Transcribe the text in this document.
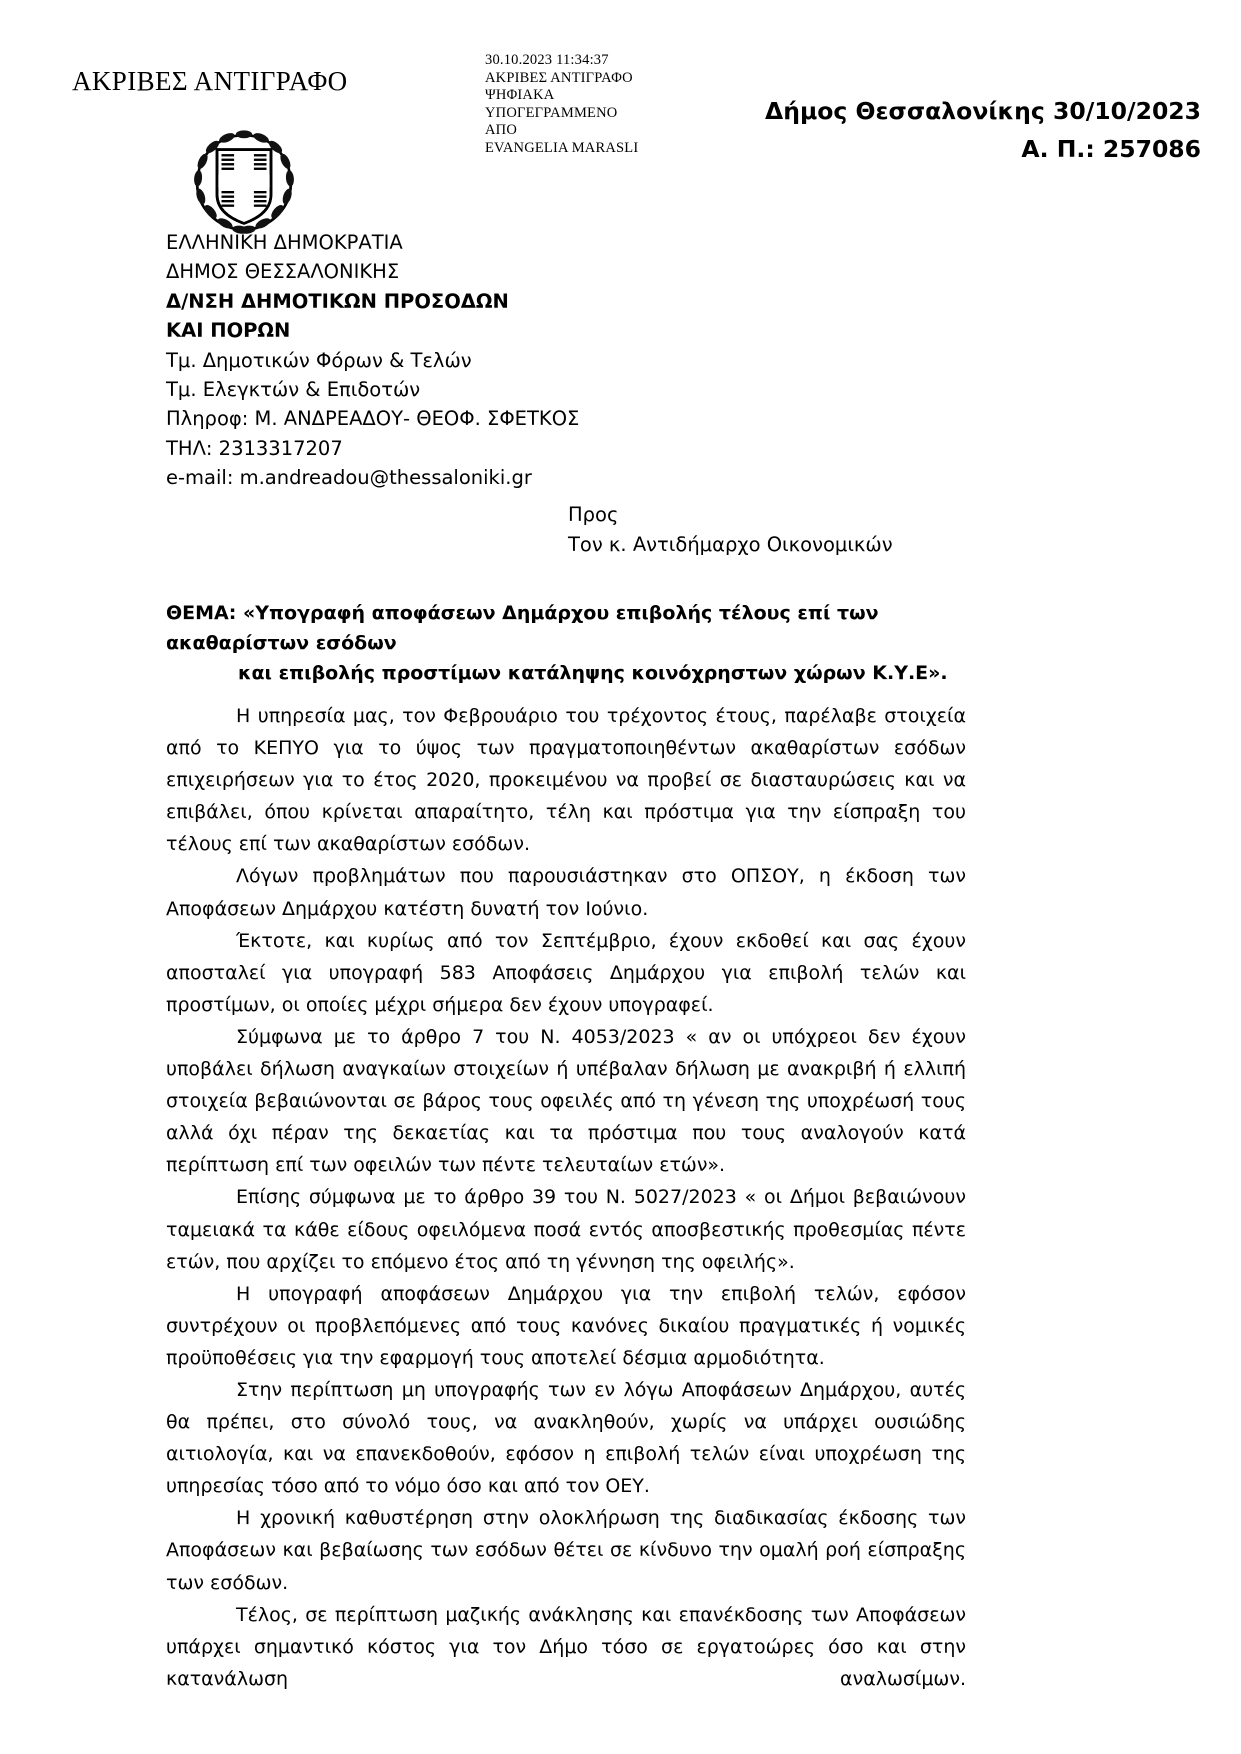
ΑΚΡΙΒΕΣ ΑΝΤΙΓΡΑΦΟ
30.10.2023 11:34:37
ΑΚΡΙΒΕΣ ΑΝΤΙΓΡΑΦΟ
ΨΗΦΙΑΚΑ
ΥΠΟΓΕΓΡΑΜΜΕΝΟ
ΑΠΟ
EVANGELIA MARASLI
Δήμος Θεσσαλονίκης 30/10/2023
Α. Π.: 257086
ΕΛΛΗΝΙΚΗ ΔΗΜΟΚΡΑΤΙΑ
ΔΗΜΟΣ ΘΕΣΣΑΛΟΝΙΚΗΣ
Δ/ΝΣΗ ΔΗΜΟΤΙΚΩΝ ΠΡΟΣΟΔΩΝ
ΚΑΙ ΠΟΡΩΝ
Τμ. Δημοτικών Φόρων & Τελών
Τμ. Ελεγκτών & Επιδοτών
Πληροφ: Μ. ΑΝΔΡΕΑΔΟΥ- ΘΕΟΦ. ΣΦΕΤΚΟΣ
ΤΗΛ: 2313317207
e-mail: m.andreadou@thessaloniki.gr
Προς
Τον κ. Αντιδήμαρχο Οικονομικών
ΘΕΜΑ: «Υπογραφή αποφάσεων Δημάρχου επιβολής τέλους επί των ακαθαρίστων εσόδων
και επιβολής προστίμων κατάληψης κοινόχρηστων χώρων Κ.Υ.Ε».

Η υπηρεσία μας, τον Φεβρουάριο του τρέχοντος έτους, παρέλαβε στοιχεία από το ΚΕΠΥΟ για το ύψος των πραγματοποιηθέντων ακαθαρίστων εσόδων επιχειρήσεων για το έτος 2020, προκειμένου να προβεί σε διασταυρώσεις και να επιβάλει, όπου κρίνεται απαραίτητο, τέλη και πρόστιμα για την είσπραξη του τέλους επί των ακαθαρίστων εσόδων.

Λόγων προβλημάτων που παρουσιάστηκαν στο ΟΠΣΟΥ, η έκδοση των Αποφάσεων Δημάρχου κατέστη δυνατή τον Ιούνιο.

Έκτοτε, και κυρίως από τον Σεπτέμβριο, έχουν εκδοθεί και σας έχουν αποσταλεί για υπογραφή 583 Αποφάσεις Δημάρχου για επιβολή τελών και προστίμων, οι οποίες μέχρι σήμερα δεν έχουν υπογραφεί.

Σύμφωνα με το άρθρο 7 του Ν. 4053/2023 « αν οι υπόχρεοι δεν έχουν υποβάλει δήλωση αναγκαίων στοιχείων ή υπέβαλαν δήλωση με ανακριβή ή ελλιπή στοιχεία βεβαιώνονται σε βάρος τους οφειλές από τη γένεση της υποχρέωσή τους αλλά όχι πέραν της δεκαετίας και τα πρόστιμα που τους αναλογούν κατά περίπτωση επί των οφειλών των πέντε τελευταίων ετών».

Επίσης σύμφωνα με το άρθρο 39 του Ν. 5027/2023 « οι Δήμοι βεβαιώνουν ταμειακά τα κάθε είδους οφειλόμενα ποσά εντός αποσβεστικής προθεσμίας πέντε ετών, που αρχίζει το επόμενο έτος από τη γέννηση της οφειλής».

Η υπογραφή αποφάσεων Δημάρχου για την επιβολή τελών, εφόσον συντρέχουν οι προβλεπόμενες από τους κανόνες δικαίου πραγματικές ή νομικές προϋποθέσεις για την εφαρμογή τους αποτελεί δέσμια αρμοδιότητα.

Στην περίπτωση μη υπογραφής των εν λόγω Αποφάσεων Δημάρχου, αυτές θα πρέπει, στο σύνολό τους, να ανακληθούν, χωρίς να υπάρχει ουσιώδης αιτιολογία, και να επανεκδοθούν, εφόσον η επιβολή τελών είναι υποχρέωση της υπηρεσίας τόσο από το νόμο όσο και από τον ΟΕΥ.

Η χρονική καθυστέρηση στην ολοκλήρωση της διαδικασίας έκδοσης των Αποφάσεων και βεβαίωσης των εσόδων θέτει σε κίνδυνο την ομαλή ροή είσπραξης των εσόδων.

Τέλος, σε περίπτωση μαζικής ανάκλησης και επανέκδοσης των Αποφάσεων υπάρχει σημαντικό κόστος για τον Δήμο τόσο σε εργατοώρες όσο και στην κατανάλωση αναλωσίμων.
